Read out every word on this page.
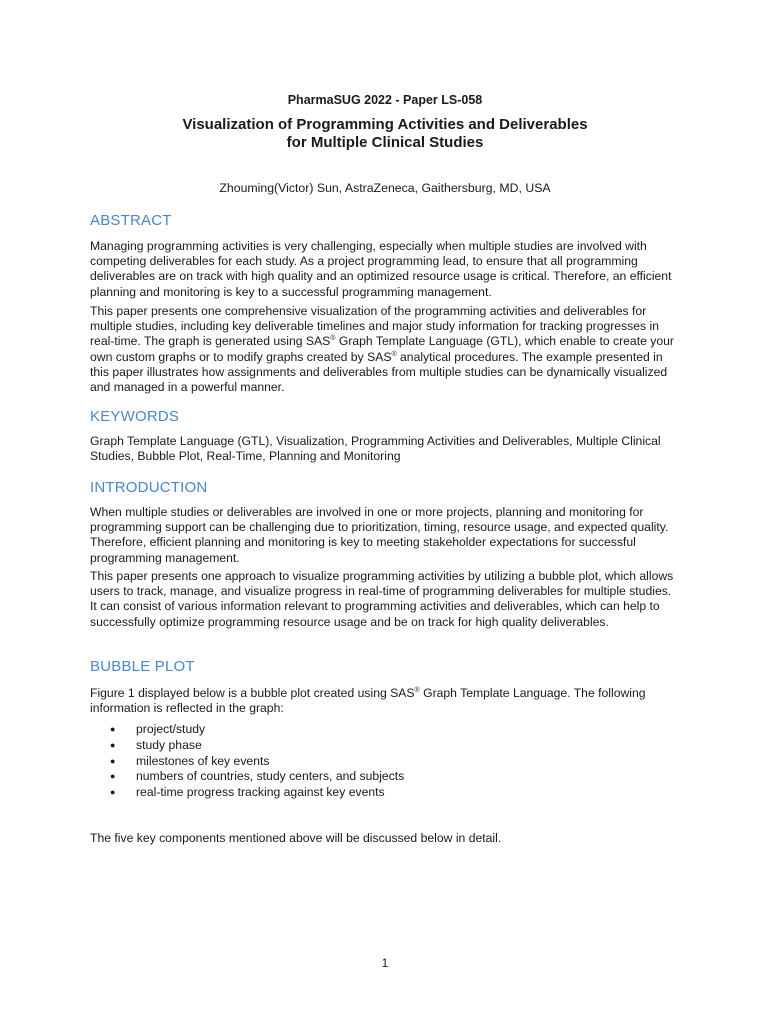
PharmaSUG 2022 - Paper LS-058
Visualization of Programming Activities and Deliverables
for Multiple Clinical Studies
Zhouming(Victor) Sun, AstraZeneca, Gaithersburg, MD, USA
ABSTRACT

Managing programming activities is very challenging, especially when multiple studies are involved with competing deliverables for each study. As a project programming lead, to ensure that all programming deliverables are on track with high quality and an optimized resource usage is critical. Therefore, an efficient planning and monitoring is key to a successful programming management.

This paper presents one comprehensive visualization of the programming activities and deliverables for multiple studies, including key deliverable timelines and major study information for tracking progresses in real-time. The graph is generated using SAS® Graph Template Language (GTL), which enable to create your own custom graphs or to modify graphs created by SAS® analytical procedures. The example presented in this paper illustrates how assignments and deliverables from multiple studies can be dynamically visualized and managed in a powerful manner.

KEYWORDS

Graph Template Language (GTL), Visualization, Programming Activities and Deliverables, Multiple Clinical Studies, Bubble Plot, Real-Time, Planning and Monitoring

INTRODUCTION

When multiple studies or deliverables are involved in one or more projects, planning and monitoring for programming support can be challenging due to prioritization, timing, resource usage, and expected quality. Therefore, efficient planning and monitoring is key to meeting stakeholder expectations for successful programming management.

This paper presents one approach to visualize programming activities by utilizing a bubble plot, which allows users to track, manage, and visualize progress in real-time of programming deliverables for multiple studies. It can consist of various information relevant to programming activities and deliverables, which can help to successfully optimize programming resource usage and be on track for high quality deliverables.

BUBBLE PLOT

Figure 1 displayed below is a bubble plot created using SAS® Graph Template Language. The following information is reflected in the graph:

● project/study
● study phase
● milestones of key events
● numbers of countries, study centers, and subjects
● real-time progress tracking against key events

The five key components mentioned above will be discussed below in detail.

1
